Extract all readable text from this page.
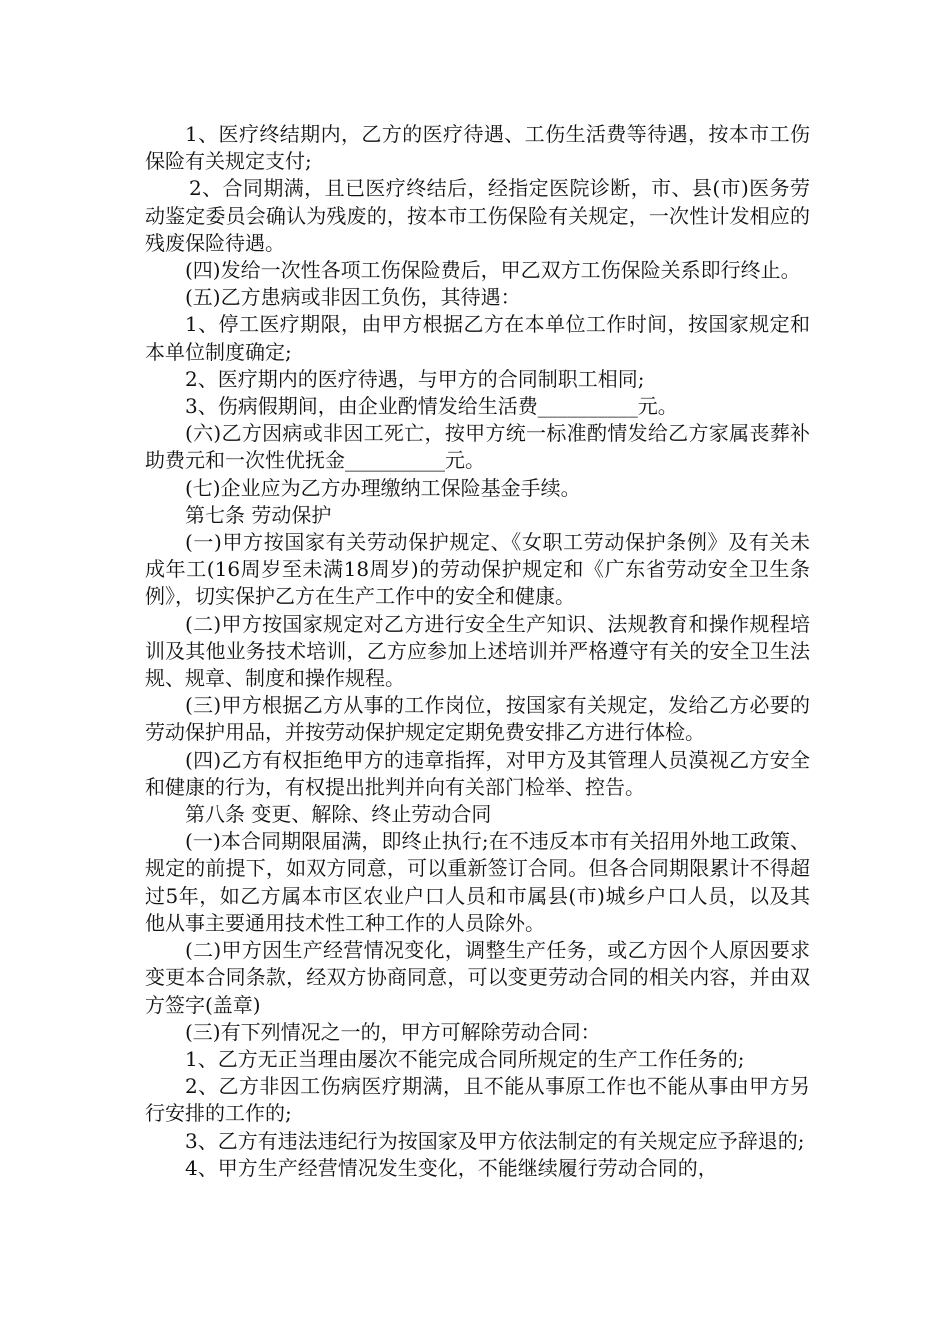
1、医疗终结期内，乙方的医疗待遇、工伤生活费等待遇，按本市工伤保险有关规定支付;

2、合同期满，且已医疗终结后，经指定医院诊断，市、县(市)医务劳动鉴定委员会确认为残废的，按本市工伤保险有关规定，一次性计发相应的残废保险待遇。

(四)发给一次性各项工伤保险费后，甲乙双方工伤保险关系即行终止。

(五)乙方患病或非因工负伤，其待遇：

1、停工医疗期限，由甲方根据乙方在本单位工作时间，按国家规定和本单位制度确定;

2、医疗期内的医疗待遇，与甲方的合同制职工相同;

3、伤病假期间，由企业酌情发给生活费__________元。

(六)乙方因病或非因工死亡，按甲方统一标准酌情发给乙方家属丧葬补助费元和一次性优抚金__________元。

(七)企业应为乙方办理缴纳工保险基金手续。

第七条 劳动保护

(一)甲方按国家有关劳动保护规定、《女职工劳动保护条例》及有关未成年工(16周岁至未满18周岁)的劳动保护规定和《广东省劳动安全卫生条例》，切实保护乙方在生产工作中的安全和健康。

(二)甲方按国家规定对乙方进行安全生产知识、法规教育和操作规程培训及其他业务技术培训，乙方应参加上述培训并严格遵守有关的安全卫生法规、规章、制度和操作规程。

(三)甲方根据乙方从事的工作岗位，按国家有关规定，发给乙方必要的劳动保护用品，并按劳动保护规定定期免费安排乙方进行体检。

(四)乙方有权拒绝甲方的违章指挥，对甲方及其管理人员漠视乙方安全和健康的行为，有权提出批判并向有关部门检举、控告。

第八条 变更、解除、终止劳动合同

(一)本合同期限届满，即终止执行;在不违反本市有关招用外地工政策、规定的前提下，如双方同意，可以重新签订合同。但各合同期限累计不得超过5年，如乙方属本市区农业户口人员和市属县(市)城乡户口人员，以及其他从事主要通用技术性工种工作的人员除外。

(二)甲方因生产经营情况变化，调整生产任务，或乙方因个人原因要求变更本合同条款，经双方协商同意，可以变更劳动合同的相关内容，并由双方签字(盖章)

(三)有下列情况之一的，甲方可解除劳动合同：

1、乙方无正当理由屡次不能完成合同所规定的生产工作任务的;

2、乙方非因工伤病医疗期满，且不能从事原工作也不能从事由甲方另行安排的工作的;

3、乙方有违法违纪行为按国家及甲方依法制定的有关规定应予辞退的;

4、甲方生产经营情况发生变化，不能继续履行劳动合同的，
